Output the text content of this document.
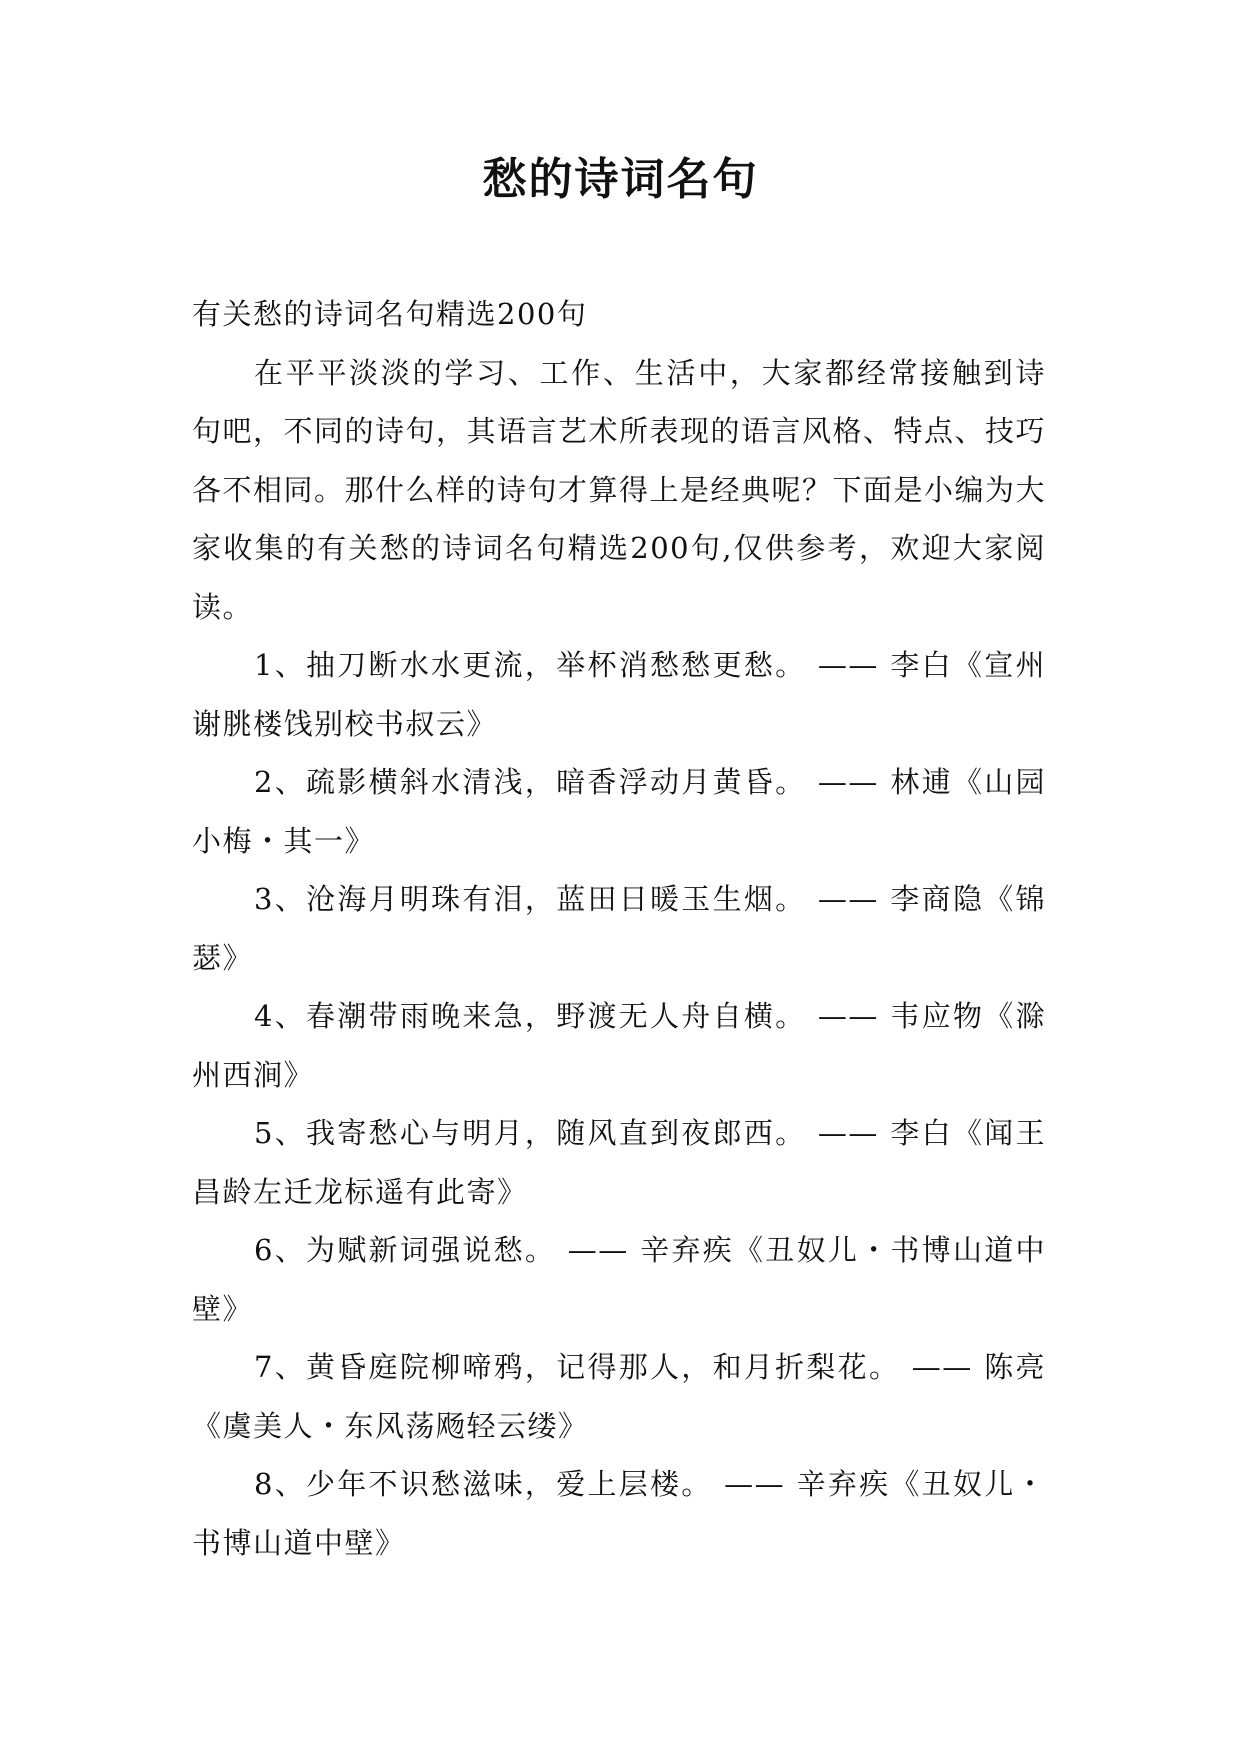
愁的诗词名句

有关愁的诗词名句精选200句

在平平淡淡的学习、工作、生活中，大家都经常接触到诗句吧，不同的诗句，其语言艺术所表现的语言风格、特点、技巧各不相同。那什么样的诗句才算得上是经典呢？下面是小编为大家收集的有关愁的诗词名句精选200句,仅供参考，欢迎大家阅读。

1、抽刀断水水更流，举杯消愁愁更愁。 —— 李白《宣州谢朓楼饯别校书叔云》

2、疏影横斜水清浅，暗香浮动月黄昏。 —— 林逋《山园小梅・其一》

3、沧海月明珠有泪，蓝田日暖玉生烟。 —— 李商隐《锦瑟》

4、春潮带雨晚来急，野渡无人舟自横。 —— 韦应物《滁州西涧》

5、我寄愁心与明月，随风直到夜郎西。 —— 李白《闻王昌龄左迁龙标遥有此寄》

6、为赋新词强说愁。 —— 辛弃疾《丑奴儿・书博山道中壁》

7、黄昏庭院柳啼鸦，记得那人，和月折梨花。 —— 陈亮《虞美人・东风荡飏轻云缕》

8、少年不识愁滋味，爱上层楼。 —— 辛弃疾《丑奴儿・书博山道中壁》
